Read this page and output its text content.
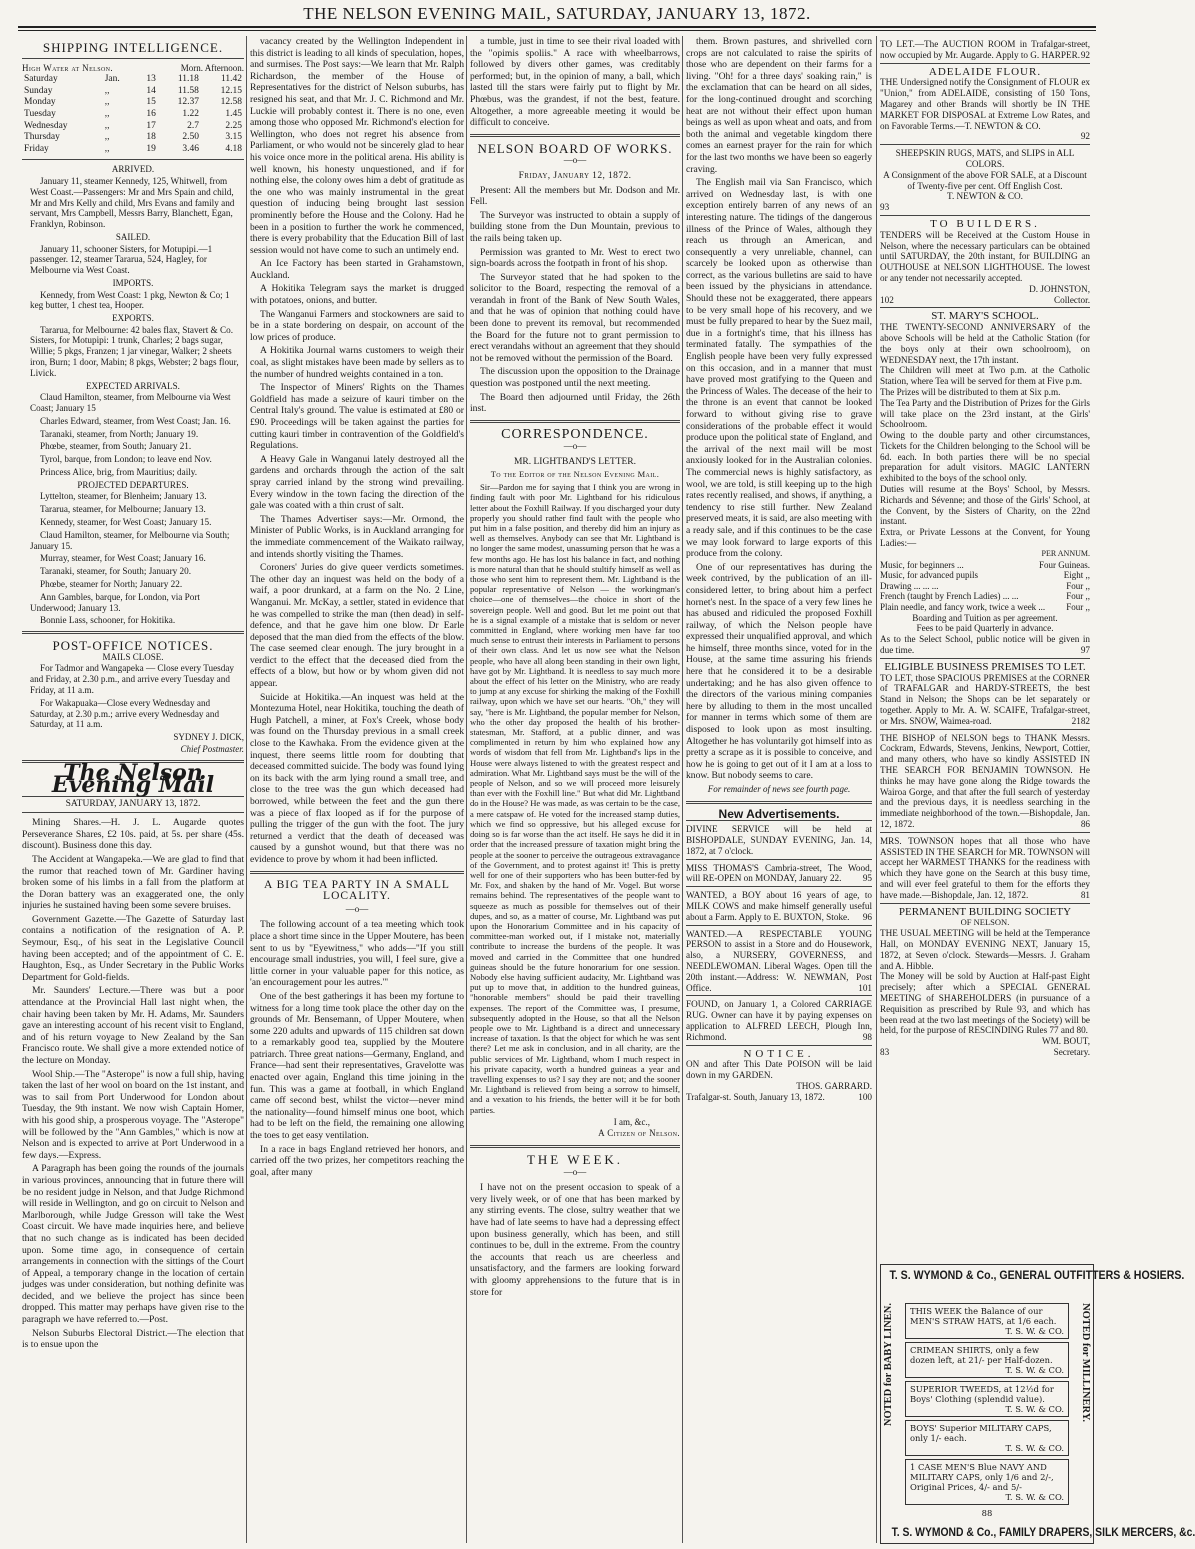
THE NELSON EVENING MAIL, SATURDAY, JANUARY 13, 1872.
SHIPPING INTELLIGENCE.
High Water at Nelson.	Morn. Afternoon.
Saturday	Jan.	13	11.18	11.42
Sunday	,,	14	11.58	12.15
Monday	,,	15	12.37	12.58
Tuesday	,,	16	1.22	1.45
Wednesday	,,	17	2.7	2.25
Thursday	,,	18	2.50	3.15
Friday	,,	19	3.46	4.18
ARRIVED.

January 11, steamer Kennedy, 125, Whitwell, from West Coast.—Passengers: Mr and Mrs Spain and child, Mr and Mrs Kelly and child, Mrs Evans and family and servant, Mrs Campbell, Messrs Barry, Blanchett, Egan, Franklyn, Robinson.

SAILED.

January 11, schooner Sisters, for Motupipi.—1 passenger. 12, steamer Tararua, 524, Hagley, for Melbourne via West Coast.

IMPORTS.

Kennedy, from West Coast: 1 pkg, Newton & Co; 1 keg butter, 1 chest tea, Hooper.

EXPORTS.

Tararua, for Melbourne: 42 bales flax, Stavert & Co. Sisters, for Motupipi: 1 trunk, Charles; 2 bags sugar, Willie; 5 pkgs, Franzen; 1 jar vinegar, Walker; 2 sheets iron, Burn; 1 door, Mabin; 8 pkgs, Webster; 2 bags flour, Livick.

EXPECTED ARRIVALS.

Claud Hamilton, steamer, from Melbourne via West Coast; January 15

Charles Edward, steamer, from West Coast; Jan. 16.

Taranaki, steamer, from North; January 19.

Phœbe, steamer, from South; January 21.

Tyrol, barque, from London; to leave end Nov.

Princess Alice, brig, from Mauritius; daily.

PROJECTED DEPARTURES.

Lyttelton, steamer, for Blenheim; January 13.

Tararua, steamer, for Melbourne; January 13.

Kennedy, steamer, for West Coast; January 15.

Claud Hamilton, steamer, for Melbourne via South; January 15.

Murray, steamer, for West Coast; January 16.

Taranaki, steamer, for South; January 20.

Phœbe, steamer for North; January 22.

Ann Gambles, barque, for London, via Port Underwood; January 13.

Bonnie Lass, schooner, for Hokitika.

POST-OFFICE NOTICES.
MAILS CLOSE.

For Tadmor and Wangapeka — Close every Tuesday and Friday, at 2.30 p.m., and arrive every Tuesday and Friday, at 11 a.m.

For Wakapuaka—Close every Wednesday and Saturday, at 2.30 p.m.; arrive every Wednesday and Saturday, at 11 a.m.

SYDNEY J. DICK,
Chief Postmaster.
The Nelson Evening Mail
SATURDAY, JANUARY 13, 1872.

Mining Shares.—H. J. L. Augarde quotes Perseverance Shares, £2 10s. paid, at 5s. per share (45s. discount). Business done this day.

The Accident at Wangapeka.—We are glad to find that the rumor that reached town of Mr. Gardiner having broken some of his limbs in a fall from the platform at the Doran battery was an exaggerated one, the only injuries he sustained having been some severe bruises.

Government Gazette.—The Gazette of Saturday last contains a notification of the resignation of A. P. Seymour, Esq., of his seat in the Legislative Council having been accepted; and of the appointment of C. E. Haughton, Esq., as Under Secretary in the Public Works Department for Gold-fields.

Mr. Saunders' Lecture.—There was but a poor attendance at the Provincial Hall last night when, the chair having been taken by Mr. H. Adams, Mr. Saunders gave an interesting account of his recent visit to England, and of his return voyage to New Zealand by the San Francisco route. We shall give a more extended notice of the lecture on Monday.

Wool Ship.—The "Asterope" is now a full ship, having taken the last of her wool on board on the 1st instant, and was to sail from Port Underwood for London about Tuesday, the 9th instant. We now wish Captain Homer, with his good ship, a prosperous voyage. The "Asterope" will be followed by the "Ann Gambles," which is now at Nelson and is expected to arrive at Port Underwood in a few days.—Express.

A Paragraph has been going the rounds of the journals in various provinces, announcing that in future there will be no resident judge in Nelson, and that Judge Richmond will reside in Wellington, and go on circuit to Nelson and Marlborough, while Judge Gresson will take the West Coast circuit. We have made inquiries here, and believe that no such change as is indicated has been decided upon. Some time ago, in consequence of certain arrangements in connection with the sittings of the Court of Appeal, a temporary change in the location of certain judges was under consideration, but nothing definite was decided, and we believe the project has since been dropped. This matter may perhaps have given rise to the paragraph we have referred to.—Post.

Nelson Suburbs Electoral District.—The election that is to ensue upon the

vacancy created by the Wellington Independent in this district is leading to all kinds of speculation, hopes, and surmises. The Post says:—We learn that Mr. Ralph Richardson, the member of the House of Representatives for the district of Nelson suburbs, has resigned his seat, and that Mr. J. C. Richmond and Mr. Luckie will probably contest it. There is no one, even among those who opposed Mr. Richmond's election for Wellington, who does not regret his absence from Parliament, or who would not be sincerely glad to hear his voice once more in the political arena. His ability is well known, his honesty unquestioned, and if for nothing else, the colony owes him a debt of gratitude as the one who was mainly instrumental in the great question of inducing being brought last session prominently before the House and the Colony. Had he been in a position to further the work he commenced, there is every probability that the Education Bill of last session would not have come to such an untimely end.

An Ice Factory has been started in Grahamstown, Auckland.

A Hokitika Telegram says the market is drugged with potatoes, onions, and butter.

The Wanganui Farmers and stockowners are said to be in a state bordering on despair, on account of the low prices of produce.

A Hokitika Journal warns customers to weigh their coal, as slight mistakes have been made by sellers as to the number of hundred weights contained in a ton.

The Inspector of Miners' Rights on the Thames Goldfield has made a seizure of kauri timber on the Central Italy's ground. The value is estimated at £80 or £90. Proceedings will be taken against the parties for cutting kauri timber in contravention of the Goldfield's Regulations.

A Heavy Gale in Wanganui lately destroyed all the gardens and orchards through the action of the salt spray carried inland by the strong wind prevailing. Every window in the town facing the direction of the gale was coated with a thin crust of salt.

The Thames Advertiser says:—Mr. Ormond, the Minister of Public Works, is in Auckland arranging for the immediate commencement of the Waikato railway, and intends shortly visiting the Thames.

Coroners' Juries do give queer verdicts sometimes. The other day an inquest was held on the body of a waif, a poor drunkard, at a farm on the No. 2 Line, Wanganui. Mr. McKay, a settler, stated in evidence that he was compelled to strike the man (then dead) in self-defence, and that he gave him one blow. Dr Earle deposed that the man died from the effects of the blow. The case seemed clear enough. The jury brought in a verdict to the effect that the deceased died from the effects of a blow, but how or by whom given did not appear.

Suicide at Hokitika.—An inquest was held at the Montezuma Hotel, near Hokitika, touching the death of Hugh Patchell, a miner, at Fox's Creek, whose body was found on the Thursday previous in a small creek close to the Kawhaka. From the evidence given at the inquest, there seems little room for doubting that deceased committed suicide. The body was found lying on its back with the arm lying round a small tree, and close to the tree was the gun which deceased had borrowed, while between the feet and the gun there was a piece of flax looped as if for the purpose of pulling the trigger of the gun with the foot. The jury returned a verdict that the death of deceased was caused by a gunshot wound, but that there was no evidence to prove by whom it had been inflicted.

A BIG TEA PARTY IN A SMALL LOCALITY.
—o—

The following account of a tea meeting which took place a short time since in the Upper Moutere, has been sent to us by "Eyewitness," who adds—"If you still encourage small industries, you will, I feel sure, give a little corner in your valuable paper for this notice, as 'an encouragement pour les autres.'"

One of the best gatherings it has been my fortune to witness for a long time took place the other day on the grounds of Mr. Bensemann, of Upper Moutere, when some 220 adults and upwards of 115 children sat down to a remarkably good tea, supplied by the Moutere patriarch. Three great nations—Germany, England, and France—had sent their representatives, Gravelotte was enacted over again, England this time joining in the fun. This was a game at football, in which England came off second best, whilst the victor—never mind the nationality—found himself minus one boot, which had to be left on the field, the remaining one allowing the toes to get easy ventilation.

In a race in bags England retrieved her honors, and carried off the two prizes, her competitors reaching the goal, after many

a tumble, just in time to see their rival loaded with the "opimis spoliis." A race with wheelbarrows, followed by divers other games, was creditably performed; but, in the opinion of many, a ball, which lasted till the stars were fairly put to flight by Mr. Phœbus, was the grandest, if not the best, feature. Altogether, a more agreeable meeting it would be difficult to conceive.

NELSON BOARD OF WORKS.
—o—
Friday, January 12, 1872.

Present: All the members but Mr. Dodson and Mr. Fell.

The Surveyor was instructed to obtain a supply of building stone from the Dun Mountain, previous to the rails being taken up.

Permission was granted to Mr. West to erect two sign-boards across the footpath in front of his shop.

The Surveyor stated that he had spoken to the solicitor to the Board, respecting the removal of a verandah in front of the Bank of New South Wales, and that he was of opinion that nothing could have been done to prevent its removal, but recommended the Board for the future not to grant permission to erect verandahs without an agreement that they should not be removed without the permission of the Board.

The discussion upon the opposition to the Drainage question was postponed until the next meeting.

The Board then adjourned until Friday, the 26th inst.

CORRESPONDENCE.
—o—
MR. LIGHTBAND'S LETTER.
To the Editor of the Nelson Evening Mail.

Sir—Pardon me for saying that I think you are wrong in finding fault with poor Mr. Lightband for his ridiculous letter about the Foxhill Railway. If you discharged your duty properly you should rather find fault with the people who put him in a false position, and thereby did him an injury as well as themselves. Anybody can see that Mr. Lightband is no longer the same modest, unassuming person that he was a few months ago. He has lost his balance in fact, and nothing is more natural than that he should stultify himself as well as those who sent him to represent them. Mr. Lightband is the popular representative of Nelson — the workingman's choice—one of themselves—the choice in short of the sovereign people. Well and good. But let me point out that he is a signal example of a mistake that is seldom or never committed in England, where working men have far too much sense to entrust their interests in Parliament to persons of their own class. And let us now see what the Nelson people, who have all along been standing in their own light, have got by Mr. Lightband. It is needless to say much more about the effect of his letter on the Ministry, who are ready to jump at any excuse for shirking the making of the Foxhill railway, upon which we have set our hearts. "Oh," they will say, "here is Mr. Lightband, the popular member for Nelson, who the other day proposed the health of his brother-statesman, Mr. Stafford, at a public dinner, and was complimented in return by him who explained how any words of wisdom that fell from Mr. Lightband's lips in the House were always listened to with the greatest respect and admiration. What Mr. Lightband says must be the will of the people of Nelson, and so we will proceed more leisurely than ever with the Foxhill line." But what did Mr. Lightband do in the House? He was made, as was certain to be the case, a mere catspaw of. He voted for the increased stamp duties, which we find so oppressive, but his alleged excuse for doing so is far worse than the act itself. He says he did it in order that the increased pressure of taxation might bring the people at the sooner to perceive the outrageous extravagance of the Government, and to protest against it! This is pretty well for one of their supporters who has been butter-fed by Mr. Fox, and shaken by the hand of Mr. Vogel. But worse remains behind. The representatives of the people want to squeeze as much as possible for themselves out of their dupes, and so, as a matter of course, Mr. Lightband was put upon the Honorarium Committee and in his capacity of committee-man worked out, if I mistake not, materially contribute to increase the burdens of the people. It was moved and carried in the Committee that one hundred guineas should be the future honorarium for one session. Nobody else having sufficient audacity, Mr. Lightband was put up to move that, in addition to the hundred guineas, "honorable members" should be paid their travelling expenses. The report of the Committee was, I presume, subsequently adopted in the House, so that all the Nelson people owe to Mr. Lightband is a direct and unnecessary increase of taxation. Is that the object for which he was sent there? Let me ask in conclusion, and in all charity, are the public services of Mr. Lightband, whom I much respect in his private capacity, worth a hundred guineas a year and travelling expenses to us? I say they are not; and the sooner Mr. Lightband is relieved from being a sorrow to himself, and a vexation to his friends, the better will it be for both parties.

I am, &c.,
A Citizen of Nelson.
THE WEEK.
—o—

I have not on the present occasion to speak of a very lively week, or of one that has been marked by any stirring events. The close, sultry weather that we have had of late seems to have had a depressing effect upon business generally, which has been, and still continues to be, dull in the extreme. From the country the accounts that reach us are cheerless and unsatisfactory, and the farmers are looking forward with gloomy apprehensions to the future that is in store for

them. Brown pastures, and shrivelled corn crops are not calculated to raise the spirits of those who are dependent on their farms for a living. "Oh! for a three days' soaking rain," is the exclamation that can be heard on all sides, for the long-continued drought and scorching heat are not without their effect upon human beings as well as upon wheat and oats, and from both the animal and vegetable kingdom there comes an earnest prayer for the rain for which for the last two months we have been so eagerly craving.

The English mail via San Francisco, which arrived on Wednesday last, is with one exception entirely barren of any news of an interesting nature. The tidings of the dangerous illness of the Prince of Wales, although they reach us through an American, and consequently a very unreliable, channel, can scarcely be looked upon as otherwise than correct, as the various bulletins are said to have been issued by the physicians in attendance. Should these not be exaggerated, there appears to be very small hope of his recovery, and we must be fully prepared to hear by the Suez mail, due in a fortnight's time, that his illness has terminated fatally. The sympathies of the English people have been very fully expressed on this occasion, and in a manner that must have proved most gratifying to the Queen and the Princess of Wales. The decease of the heir to the throne is an event that cannot be looked forward to without giving rise to grave considerations of the probable effect it would produce upon the political state of England, and the arrival of the next mail will be most anxiously looked for in the Australian colonies. The commercial news is highly satisfactory, as wool, we are told, is still keeping up to the high rates recently realised, and shows, if anything, a tendency to rise still further. New Zealand preserved meats, it is said, are also meeting with a ready sale, and if this continues to be the case we may look forward to large exports of this produce from the colony.

One of our representatives has during the week contrived, by the publication of an ill-considered letter, to bring about him a perfect hornet's nest. In the space of a very few lines he has abused and ridiculed the proposed Foxhill railway, of which the Nelson people have expressed their unqualified approval, and which he himself, three months since, voted for in the House, at the same time assuring his friends here that he considered it to be a desirable undertaking; and he has also given offence to the directors of the various mining companies here by alluding to them in the most uncalled for manner in terms which some of them are disposed to look upon as most insulting. Altogether he has voluntarily got himself into as pretty a scrape as it is possible to conceive, and how he is going to get out of it I am at a loss to know. But nobody seems to care.

For remainder of news see fourth page.
New Advertisements.

DIVINE SERVICE will be held at BISHOPDALE, SUNDAY EVENING, Jan. 14, 1872, at 7 o'clock.

MISS THOMAS'S Cambria-street, The Wood, will RE-OPEN on MONDAY, January 22. 95

WANTED, a BOY about 16 years of age, to MILK COWS and make himself generally useful about a Farm. Apply to E. BUXTON, Stoke. 96

WANTED.—A RESPECTABLE YOUNG PERSON to assist in a Store and do Housework, also, a NURSERY, GOVERNESS, and NEEDLEWOMAN. Liberal Wages. Open till the 20th instant.—Address: W. NEWMAN, Post Office.	101

FOUND, on January 1, a Colored CARRIAGE RUG. Owner can have it by paying expenses on application to ALFRED LEECH, Plough Inn, Richmond.	98

NOTICE.

ON and after This Date POISON will be laid down in my GARDEN.

THOS. GARRARD.

Trafalgar-st. South, January 13, 1872.	100

TO LET.—The AUCTION ROOM in Trafalgar-street, now occupied by Mr. Augarde. Apply to G. HARPER. 92

ADELAIDE FLOUR.

THE Undersigned notify the Consignment of FLOUR ex "Union," from ADELAIDE, consisting of 150 Tons, Magarey and other Brands will shortly be IN THE MARKET FOR DISPOSAL at Extreme Low Rates, and on Favorable Terms.—T. NEWTON & CO.

92

SHEEPSKIN RUGS, MATS, and SLIPS in ALL COLORS.

A Consignment of the above FOR SALE, at a Discount of Twenty-five per cent. Off English Cost.

T. NEWTON & CO.

93

TO BUILDERS.

TENDERS will be Received at the Custom House in Nelson, where the necessary particulars can be obtained until SATURDAY, the 20th instant, for BUILDING an OUTHOUSE at NELSON LIGHTHOUSE. The lowest or any tender not necessarily accepted.

D. JOHNSTON,

102	Collector.

ST. MARY'S SCHOOL.

THE TWENTY-SECOND ANNIVERSARY of the above Schools will be held at the Catholic Station (for the boys only at their own schoolroom), on WEDNESDAY next, the 17th instant.

The Children will meet at Two p.m. at the Catholic Station, where Tea will be served for them at Five p.m.

The Prizes will be distributed to them at Six p.m.

The Tea Party and the Distribution of Prizes for the Girls will take place on the 23rd instant, at the Girls' Schoolroom.

Owing to the double party and other circumstances, Tickets for the Children belonging to the School will be 6d. each. In both parties there will be no special preparation for adult visitors. MAGIC LANTERN exhibited to the boys of the school only.

Duties will resume at the Boys' School, by Messrs. Richards and Sévenne; and those of the Girls' School, at the Convent, by the Sisters of Charity, on the 22nd instant.

Extra, or Private Lessons at the Convent, for Young Ladies:—

PER ANNUM.

Music, for beginners ...	Four Guineas.
Music, for advanced pupils	Eight ,,
Drawing ... ... ...	Four ,,
French (taught by French Ladies) ... ...	Four ,,
Plain needle, and fancy work, twice a week ... Four ,,

Boarding and Tuition as per agreement.

Fees to be paid Quarterly in advance.

As to the Select School, public notice will be given in due time.	97

ELIGIBLE BUSINESS PREMISES TO LET.

TO LET, those SPACIOUS PREMISES at the CORNER of TRAFALGAR and HARDY-STREETS, the best Stand in Nelson; the Shops can be let separately or together. Apply to Mr. A. W. SCAIFE, Trafalgar-street, or Mrs. SNOW, Waimea-road.	2182

THE BISHOP of NELSON begs to THANK Messrs. Cockram, Edwards, Stevens, Jenkins, Newport, Cottier, and many others, who have so kindly ASSISTED IN THE SEARCH FOR BENJAMIN TOWNSON. He thinks he may have gone along the Ridge towards the Wairoa Gorge, and that after the full search of yesterday and the previous days, it is needless searching in the immediate neighborhood of the town.—Bishopdale, Jan. 12, 1872.	86

MRS. TOWNSON hopes that all those who have ASSISTED IN THE SEARCH for MR. TOWNSON will accept her WARMEST THANKS for the readiness with which they have gone on the Search at this busy time, and will ever feel grateful to them for the efforts they have made.—Bishopdale, Jan. 12, 1872.	81

PERMANENT BUILDING SOCIETY

OF NELSON.

THE USUAL MEETING will be held at the Temperance Hall, on MONDAY EVENING NEXT, January 15, 1872, at Seven o'clock. Stewards—Messrs. J. Graham and A. Hibble.

The Money will be sold by Auction at Half-past Eight precisely; after which a SPECIAL GENERAL MEETING of SHAREHOLDERS (in pursuance of a Requisition as prescribed by Rule 93, and which has been read at the two last meetings of the Society) will be held, for the purpose of RESCINDING Rules 77 and 80.

WM. BOUT,

83	Secretary.

T. S. WYMOND & Co., GENERAL OUTFITTERS & HOSIERS.
NOTED for BABY LINEN.	NOTED for MILLINERY.
THIS WEEK the Balance of our MEN'S STRAW HATS, at 1/6 each.
T. S. W. & CO.
CRIMEAN SHIRTS, only a few dozen left, at 21/- per Half-dozen.
T. S. W. & CO.
SUPERIOR TWEEDS, at 12½d for Boys' Clothing (splendid value).
T. S. W. & CO.
BOYS' Superior MILITARY CAPS, only 1/- each.
T. S. W. & CO.
1 CASE MEN'S Blue NAVY AND MILITARY CAPS, only 1/6 and 2/-, Original Prices, 4/- and 5/-
T. S. W. & CO.
88
T. S. WYMOND & Co., FAMILY DRAPERS, SILK MERCERS, &c.
